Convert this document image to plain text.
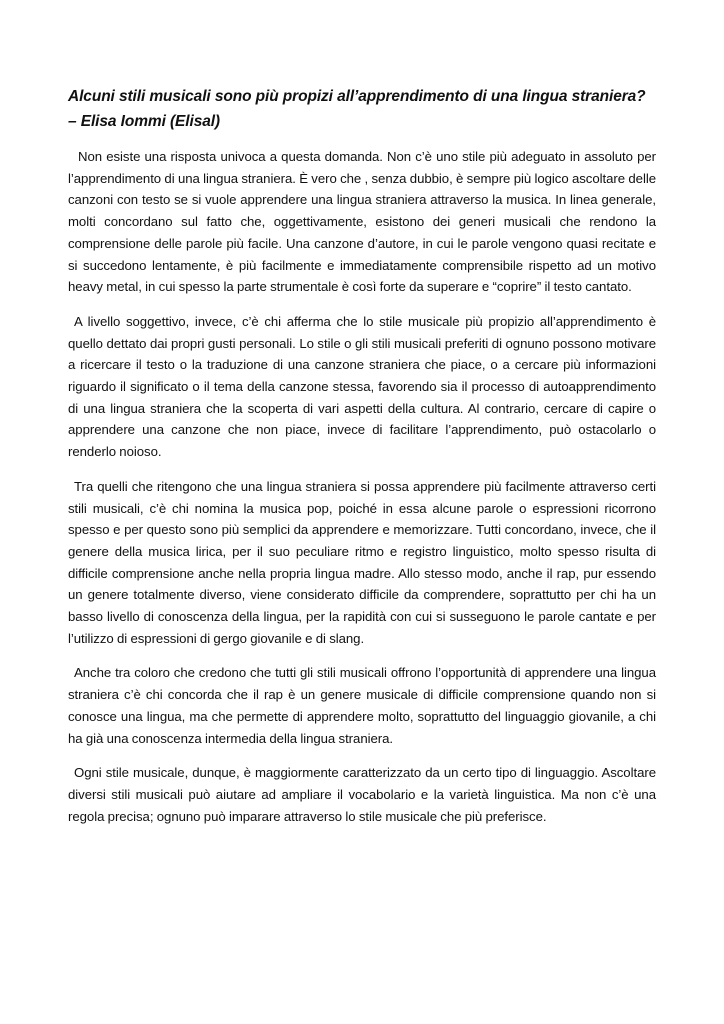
Alcuni stili musicali sono più propizi all’apprendimento di una lingua straniera? – Elisa Iommi (Elisal)

Non esiste una risposta univoca a questa domanda. Non c’è uno stile più adeguato in assoluto per l’apprendimento di una lingua straniera. È vero che , senza dubbio, è sempre più logico ascoltare delle canzoni con testo se si vuole apprendere una lingua straniera attraverso la musica. In linea generale, molti concordano sul fatto che, oggettivamente, esistono dei generi musicali che rendono la comprensione delle parole più facile. Una canzone d’autore, in cui le parole vengono quasi recitate e si succedono lentamente, è più facilmente e immediatamente comprensibile rispetto ad un motivo heavy metal, in cui spesso la parte strumentale è così forte da superare e “coprire” il testo cantato.

A livello soggettivo, invece, c’è chi afferma che lo stile musicale più propizio all’apprendimento è quello dettato dai propri gusti personali. Lo stile o gli stili musicali preferiti di ognuno possono motivare a ricercare il testo o la traduzione di una canzone straniera che piace, o a cercare più informazioni riguardo il significato o il tema della canzone stessa, favorendo sia il processo di autoapprendimento di una lingua straniera che la scoperta di vari aspetti della cultura. Al contrario, cercare di capire o apprendere una canzone che non piace, invece di facilitare l’apprendimento, può ostacolarlo o renderlo noioso.

Tra quelli che ritengono che una lingua straniera si possa apprendere più facilmente attraverso certi stili musicali, c’è chi nomina la musica pop, poiché in essa alcune parole o espressioni ricorrono spesso e per questo sono più semplici da apprendere e memorizzare. Tutti concordano, invece, che il genere della musica lirica, per il suo peculiare ritmo e registro linguistico, molto spesso risulta di difficile comprensione anche nella propria lingua madre. Allo stesso modo, anche il rap, pur essendo un genere totalmente diverso, viene considerato difficile da comprendere, soprattutto per chi ha un basso livello di conoscenza della lingua, per la rapidità con cui si susseguono le parole cantate e per l’utilizzo di espressioni di gergo giovanile e di slang.

Anche tra coloro che credono che tutti gli stili musicali offrono l’opportunità di apprendere una lingua straniera c’è chi concorda che il rap è un genere musicale di difficile comprensione quando non si conosce una lingua, ma che permette di apprendere molto, soprattutto del linguaggio giovanile, a chi ha già una conoscenza intermedia della lingua straniera.

Ogni stile musicale, dunque, è maggiormente caratterizzato da un certo tipo di linguaggio. Ascoltare diversi stili musicali può aiutare ad ampliare il vocabolario e la varietà linguistica. Ma non c’è una regola precisa; ognuno può imparare attraverso lo stile musicale che più preferisce.
